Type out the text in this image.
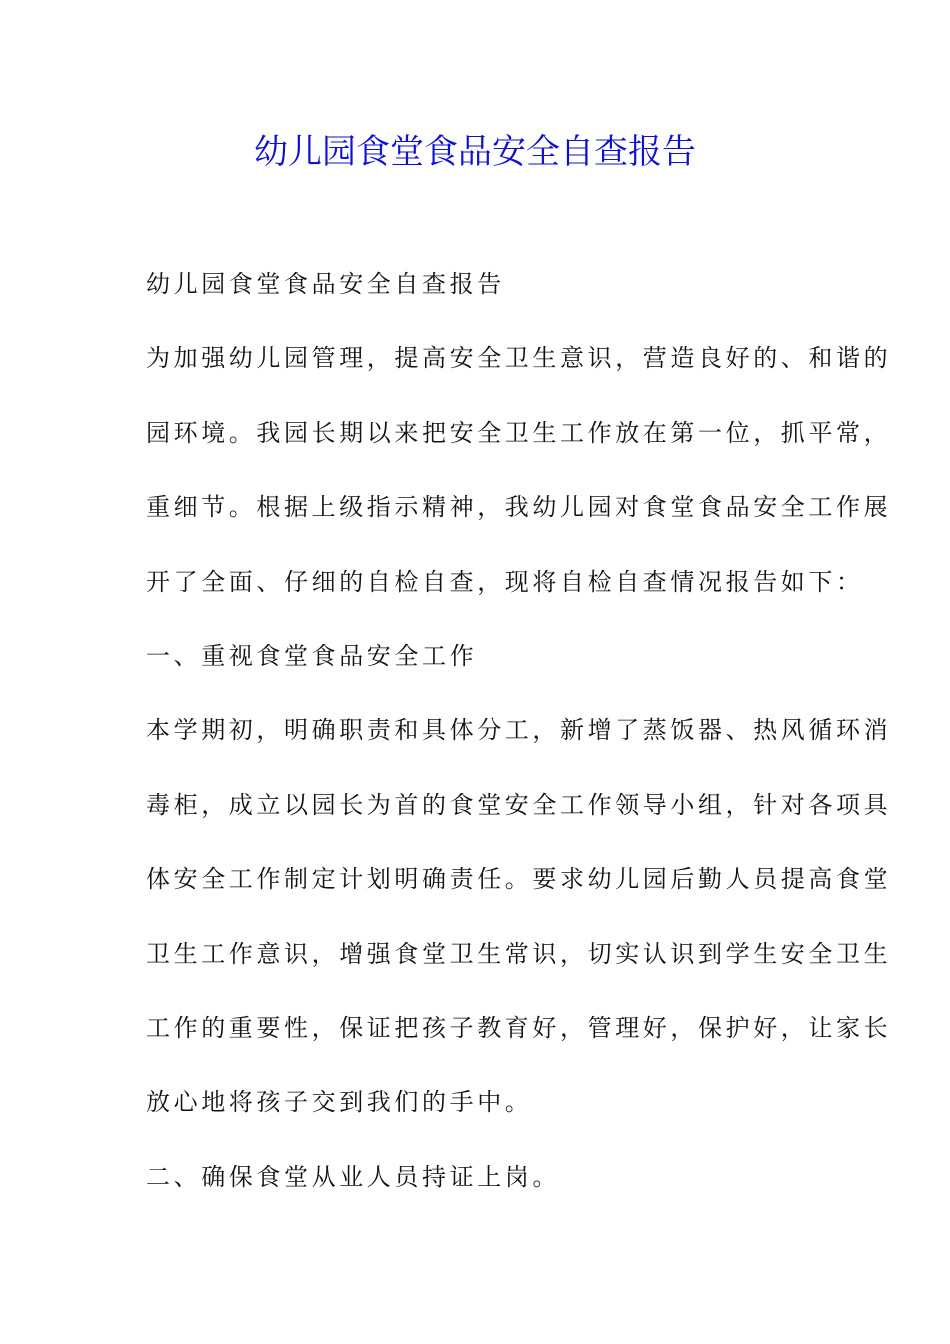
幼儿园食堂食品安全自查报告
幼儿园食堂食品安全自查报告
为加强幼儿园管理，提高安全卫生意识，营造良好的、和谐的
园环境。我园长期以来把安全卫生工作放在第一位，抓平常，
重细节。根据上级指示精神，我幼儿园对食堂食品安全工作展
开了全面、仔细的自检自查，现将自检自查情况报告如下：
一、重视食堂食品安全工作
本学期初，明确职责和具体分工，新增了蒸饭器、热风循环消
毒柜，成立以园长为首的食堂安全工作领导小组，针对各项具
体安全工作制定计划明确责任。要求幼儿园后勤人员提高食堂
卫生工作意识，增强食堂卫生常识，切实认识到学生安全卫生
工作的重要性，保证把孩子教育好，管理好，保护好，让家长
放心地将孩子交到我们的手中。
二、确保食堂从业人员持证上岗。
